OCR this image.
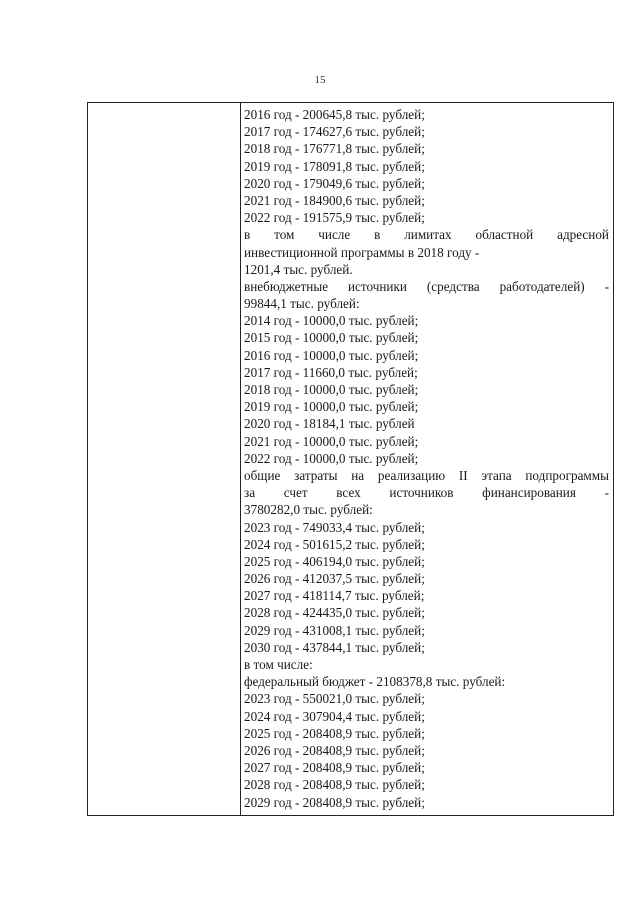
15
2016 год - 200645,8 тыс. рублей;
2017 год - 174627,6 тыс. рублей;
2018 год - 176771,8 тыс. рублей;
2019 год - 178091,8 тыс. рублей;
2020 год - 179049,6 тыс. рублей;
2021 год - 184900,6 тыс. рублей;
2022 год - 191575,9 тыс. рублей;
в том числе в лимитах областной адресной
инвестиционной программы в 2018 году -
1201,4 тыс. рублей.
внебюджетные источники (средства работодателей) -
99844,1 тыс. рублей:
2014 год - 10000,0 тыс. рублей;
2015 год - 10000,0 тыс. рублей;
2016 год - 10000,0 тыс. рублей;
2017 год - 11660,0 тыс. рублей;
2018 год - 10000,0 тыс. рублей;
2019 год - 10000,0 тыс. рублей;
2020 год - 18184,1 тыс. рублей
2021 год - 10000,0 тыс. рублей;
2022 год - 10000,0 тыс. рублей;
общие затраты на реализацию II этапа подпрограммы
за счет всех источников финансирования -
3780282,0 тыс. рублей:
2023 год - 749033,4 тыс. рублей;
2024 год - 501615,2 тыс. рублей;
2025 год - 406194,0 тыс. рублей;
2026 год - 412037,5 тыс. рублей;
2027 год - 418114,7 тыс. рублей;
2028 год - 424435,0 тыс. рублей;
2029 год - 431008,1 тыс. рублей;
2030 год - 437844,1 тыс. рублей;
в том числе:
федеральный бюджет - 2108378,8 тыс. рублей:
2023 год - 550021,0 тыс. рублей;
2024 год - 307904,4 тыс. рублей;
2025 год - 208408,9 тыс. рублей;
2026 год - 208408,9 тыс. рублей;
2027 год - 208408,9 тыс. рублей;
2028 год - 208408,9 тыс. рублей;
2029 год - 208408,9 тыс. рублей;
